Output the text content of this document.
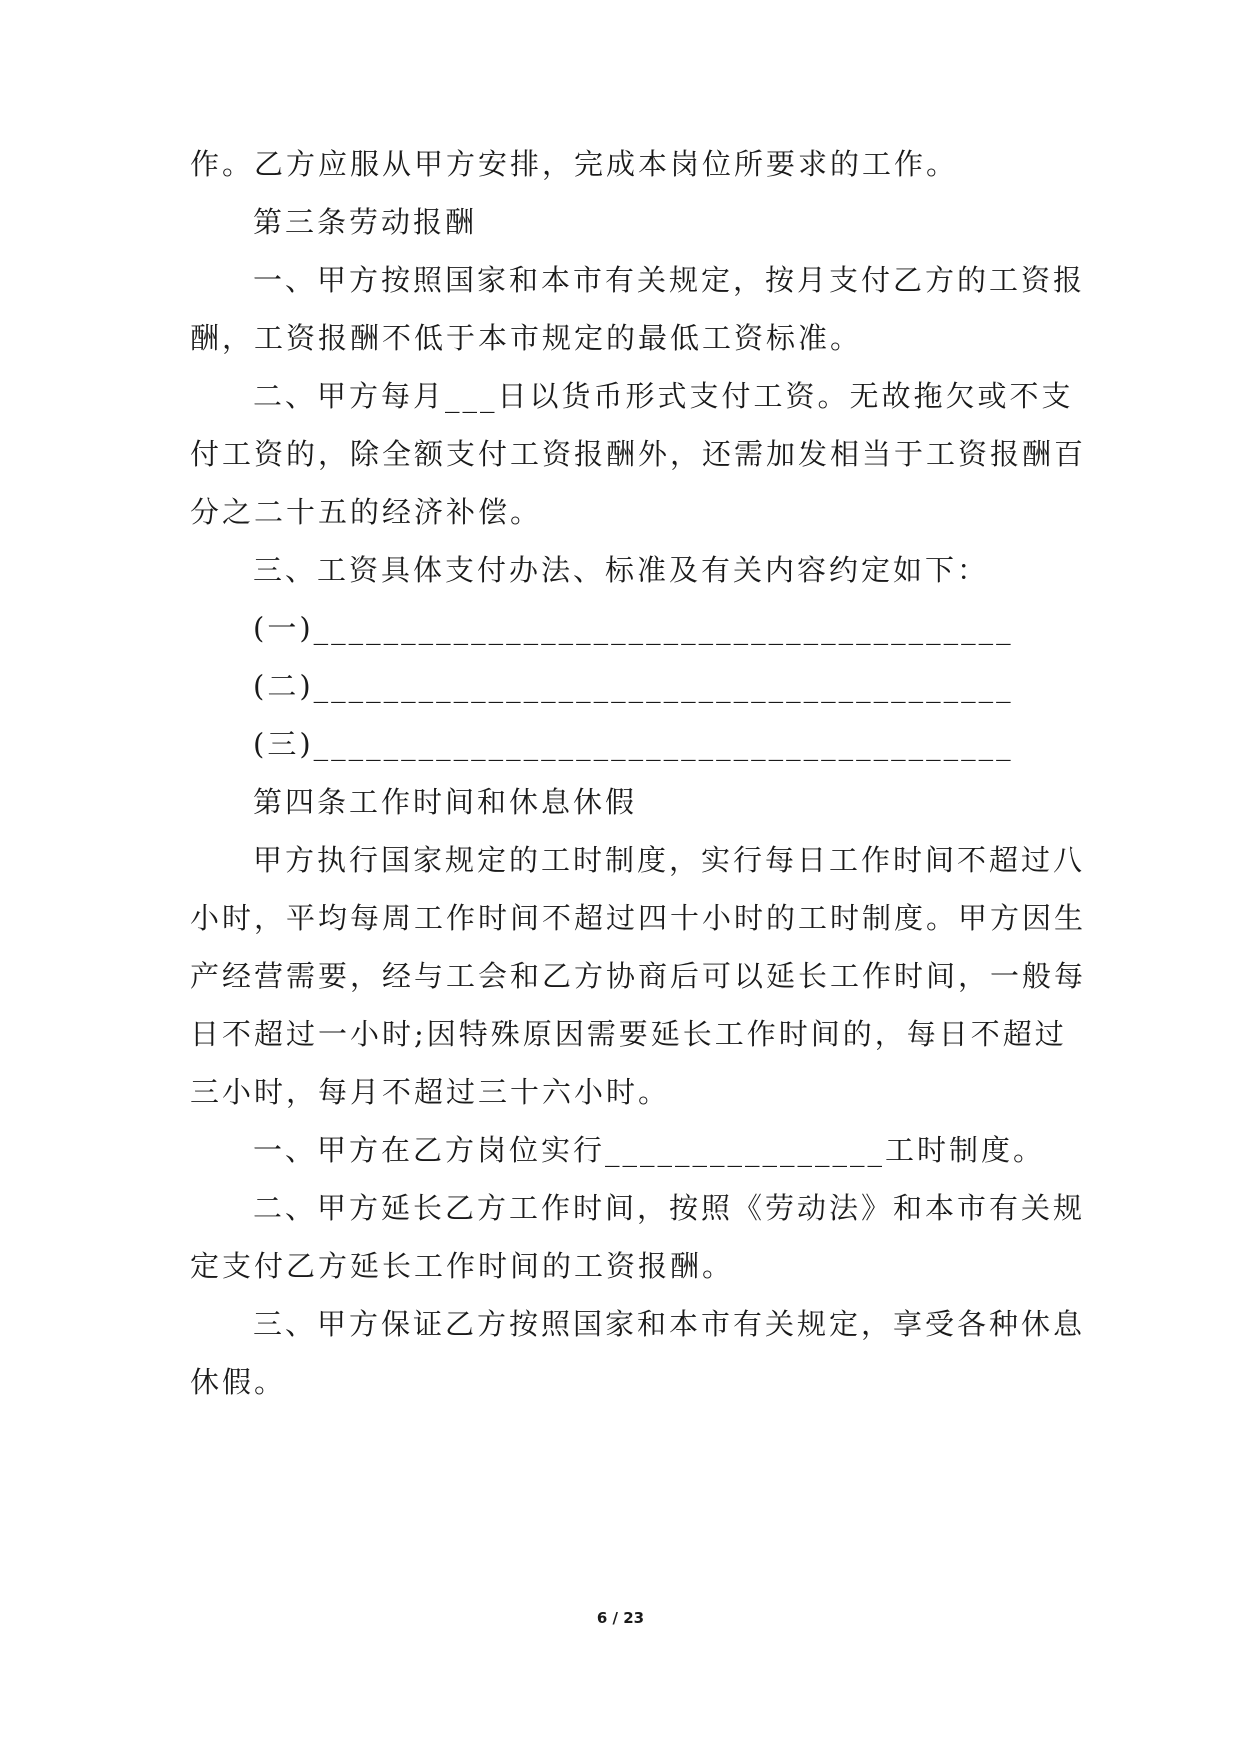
作。乙方应服从甲方安排，完成本岗位所要求的工作。
第三条劳动报酬
一、甲方按照国家和本市有关规定，按月支付乙方的工资报
酬，工资报酬不低于本市规定的最低工资标准。
二、甲方每月___日以货币形式支付工资。无故拖欠或不支
付工资的，除全额支付工资报酬外，还需加发相当于工资报酬百
分之二十五的经济补偿。
三、工资具体支付办法、标准及有关内容约定如下：
(一)________________________________________
(二)________________________________________
(三)________________________________________
第四条工作时间和休息休假
甲方执行国家规定的工时制度，实行每日工作时间不超过八
小时，平均每周工作时间不超过四十小时的工时制度。甲方因生
产经营需要，经与工会和乙方协商后可以延长工作时间，一般每
日不超过一小时;因特殊原因需要延长工作时间的，每日不超过
三小时，每月不超过三十六小时。
一、甲方在乙方岗位实行________________工时制度。
二、甲方延长乙方工作时间，按照《劳动法》和本市有关规
定支付乙方延长工作时间的工资报酬。
三、甲方保证乙方按照国家和本市有关规定，享受各种休息
休假。
6 / 23
